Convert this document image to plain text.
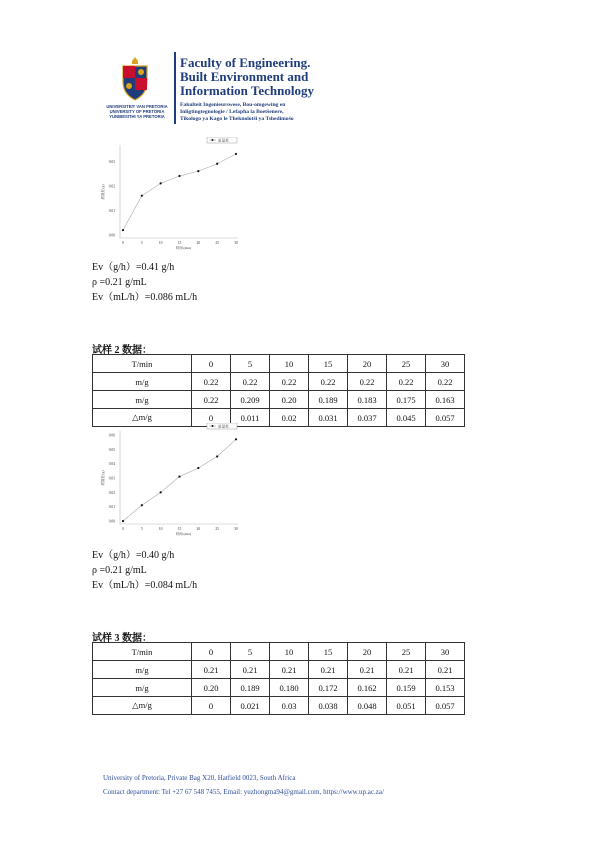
UNIVERSITEIT VAN PRETORIA
UNIVERSITY OF PRETORIA
YUNIBESITHI YA PRETORIA
Faculty of Engineering.
Built Environment and
Information Technology
Fakulteit Ingenieurswese, Bou-omgewing en
Inligtingtegnologie / Lefapha la Boetšenere,
Tikologo ya Kago le Theknolotši ya Tshedimošo
0.00
0.01
0.02
0.03
0	5	10	15	20	25	30
时间 (min)
质量差 (g)
质量差
Ev（g/h）=0.41 g/h
ρ =0.21 g/mL
Ev（mL/h）=0.086 mL/h
试样 2 数据：
T/min	0	5	10	15	20	25	30
m/g	0.22	0.22	0.22	0.22	0.22	0.22	0.22
m/g	0.22	0.209	0.20	0.189	0.183	0.175	0.163
△m/g	0	0.011	0.02	0.031	0.037	0.045	0.057
0.00
0.01
0.02
0.03
0.04
0.05
0.06
0	5	10	15	20	25	30
时间 (min)
质量差 (g)
质量差
Ev（g/h）=0.40 g/h
ρ =0.21 g/mL
Ev（mL/h）=0.084 mL/h
试样 3 数据：
T/min	0	5	10	15	20	25	30
m/g	0.21	0.21	0.21	0.21	0.21	0.21	0.21
m/g	0.20	0.189	0.180	0.172	0.162	0.159	0.153
△m/g	0	0.021	0.03	0.038	0.048	0.051	0.057
University of Pretoria, Private Bag X20, Hatfield 0023, South Africa
Contact department: Tel +27 67 548 7455, Email: yuzhongma94@gmail.com, https://www.up.ac.za/
